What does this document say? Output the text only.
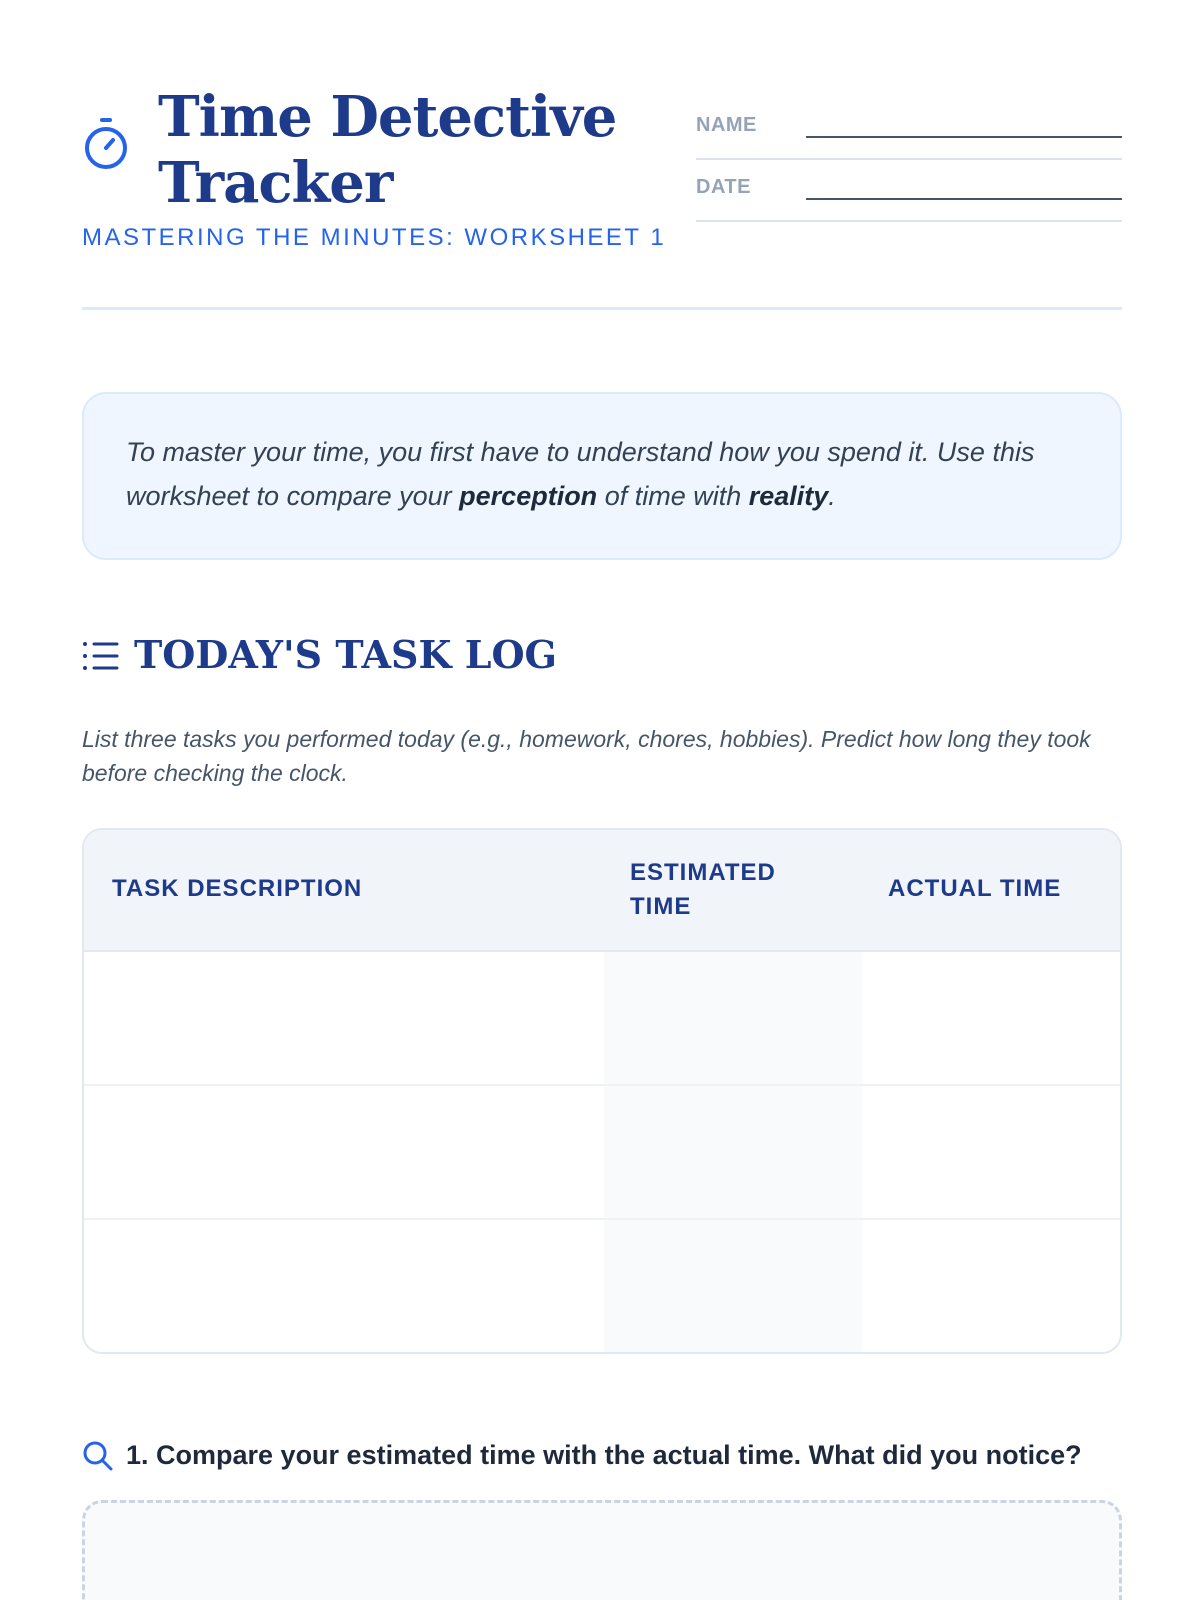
Time Detective Tracker
MASTERING THE MINUTES: WORKSHEET 1
NAME
DATE
To master your time, you first have to understand how you spend it. Use this worksheet to compare your perception of time with reality.
TODAY'S TASK LOG
List three tasks you performed today (e.g., homework, chores, hobbies). Predict how long they took before checking the clock.
TASK DESCRIPTION
ESTIMATED TIME
ACTUAL TIME
1. Compare your estimated time with the actual time. What did you notice?
